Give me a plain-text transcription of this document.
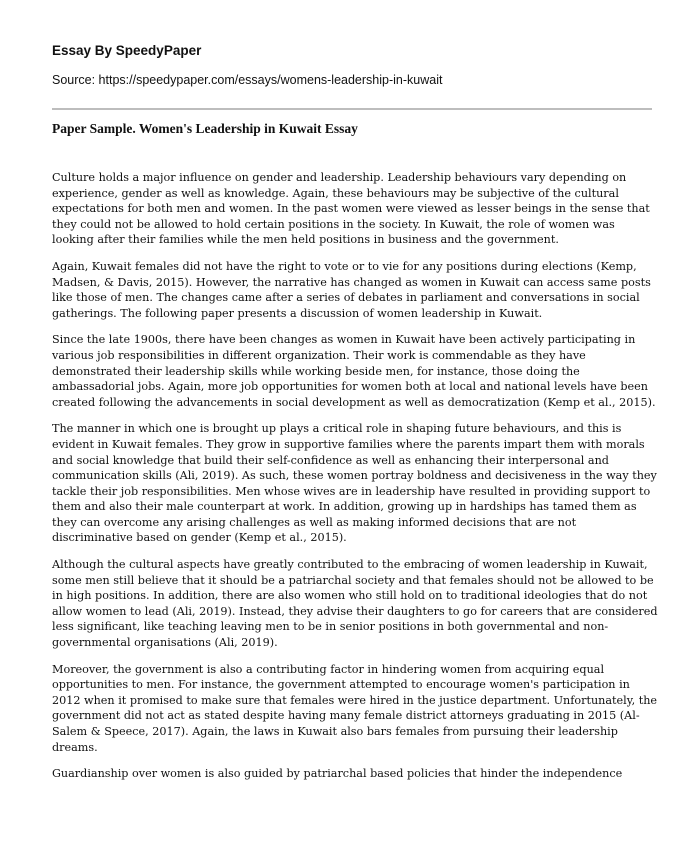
Essay By SpeedyPaper
Source: https://speedypaper.com/essays/womens-leadership-in-kuwait
Paper Sample. Women's Leadership in Kuwait Essay

Culture holds a major influence on gender and leadership. Leadership behaviours vary depending on experience, gender as well as knowledge. Again, these behaviours may be subjective of the cultural expectations for both men and women. In the past women were viewed as lesser beings in the sense that they could not be allowed to hold certain positions in the society. In Kuwait, the role of women was looking after their families while the men held positions in business and the government.

Again, Kuwait females did not have the right to vote or to vie for any positions during elections (Kemp, Madsen, & Davis, 2015). However, the narrative has changed as women in Kuwait can access same posts like those of men. The changes came after a series of debates in parliament and conversations in social gatherings. The following paper presents a discussion of women leadership in Kuwait.

Since the late 1900s, there have been changes as women in Kuwait have been actively participating in various job responsibilities in different organization. Their work is commendable as they have demonstrated their leadership skills while working beside men, for instance, those doing the ambassadorial jobs. Again, more job opportunities for women both at local and national levels have been created following the advancements in social development as well as democratization (Kemp et al., 2015).

The manner in which one is brought up plays a critical role in shaping future behaviours, and this is evident in Kuwait females. They grow in supportive families where the parents impart them with morals and social knowledge that build their self-confidence as well as enhancing their interpersonal and communication skills (Ali, 2019). As such, these women portray boldness and decisiveness in the way they tackle their job responsibilities. Men whose wives are in leadership have resulted in providing support to them and also their male counterpart at work. In addition, growing up in hardships has tamed them as they can overcome any arising challenges as well as making informed decisions that are not discriminative based on gender (Kemp et al., 2015).

Although the cultural aspects have greatly contributed to the embracing of women leadership in Kuwait, some men still believe that it should be a patriarchal society and that females should not be allowed to be in high positions. In addition, there are also women who still hold on to traditional ideologies that do not allow women to lead (Ali, 2019). Instead, they advise their daughters to go for careers that are considered less significant, like teaching leaving men to be in senior positions in both governmental and non-governmental organisations (Ali, 2019).

Moreover, the government is also a contributing factor in hindering women from acquiring equal opportunities to men. For instance, the government attempted to encourage women's participation in 2012 when it promised to make sure that females were hired in the justice department. Unfortunately, the government did not act as stated despite having many female district attorneys graduating in 2015 (Al-Salem & Speece, 2017). Again, the laws in Kuwait also bars females from pursuing their leadership dreams.

Guardianship over women is also guided by patriarchal based policies that hinder the independence
